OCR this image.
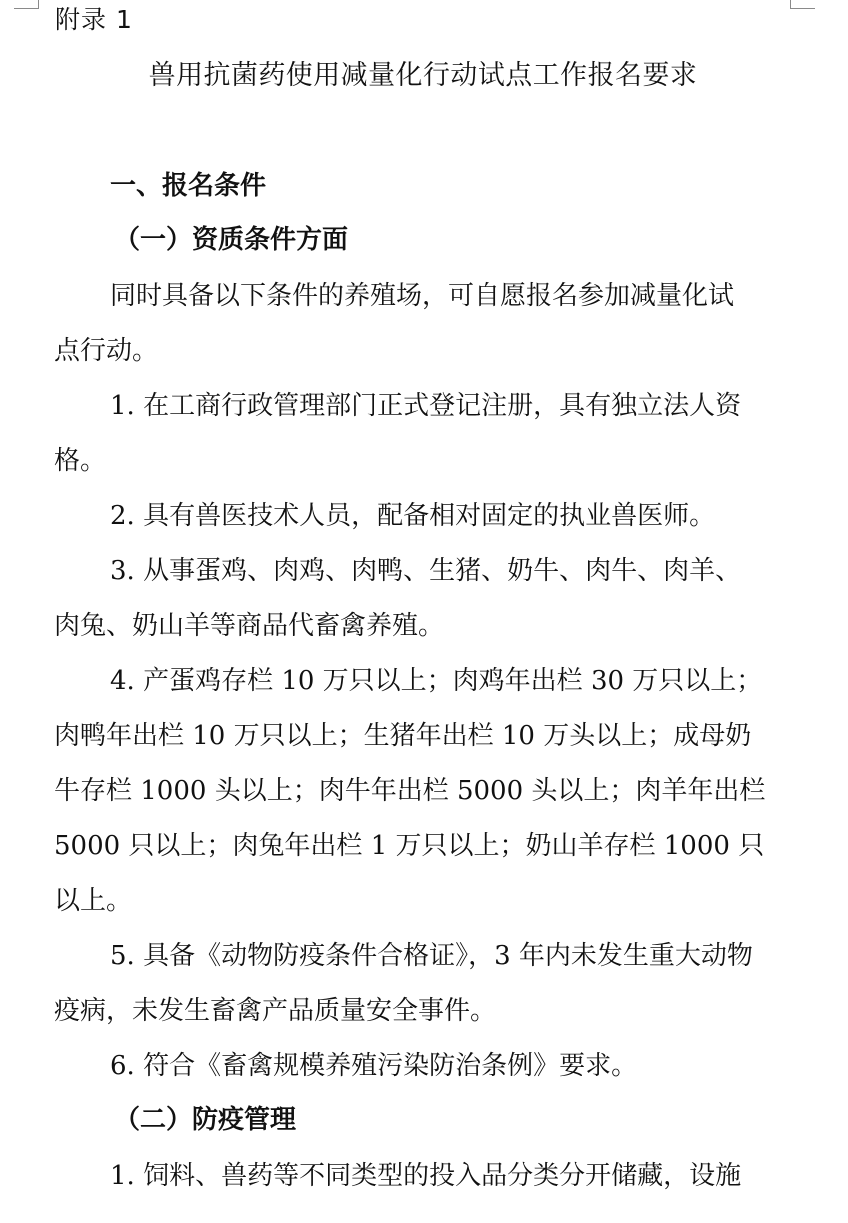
附录 1
兽用抗菌药使用减量化行动试点工作报名要求
一、报名条件
（一）资质条件方面
同时具备以下条件的养殖场，可自愿报名参加减量化试
点行动。
1. 在工商行政管理部门正式登记注册，具有独立法人资
格。
2. 具有兽医技术人员，配备相对固定的执业兽医师。
3. 从事蛋鸡、肉鸡、肉鸭、生猪、奶牛、肉牛、肉羊、
肉兔、奶山羊等商品代畜禽养殖。
4. 产蛋鸡存栏 10 万只以上；肉鸡年出栏 30 万只以上；
肉鸭年出栏 10 万只以上；生猪年出栏 10 万头以上；成母奶
牛存栏 1000 头以上；肉牛年出栏 5000 头以上；肉羊年出栏
5000 只以上；肉兔年出栏 1 万只以上；奶山羊存栏 1000 只
以上。
5. 具备《动物防疫条件合格证》，3 年内未发生重大动物
疫病，未发生畜禽产品质量安全事件。
6. 符合《畜禽规模养殖污染防治条例》要求。
（二）防疫管理
1. 饲料、兽药等不同类型的投入品分类分开储藏，设施
